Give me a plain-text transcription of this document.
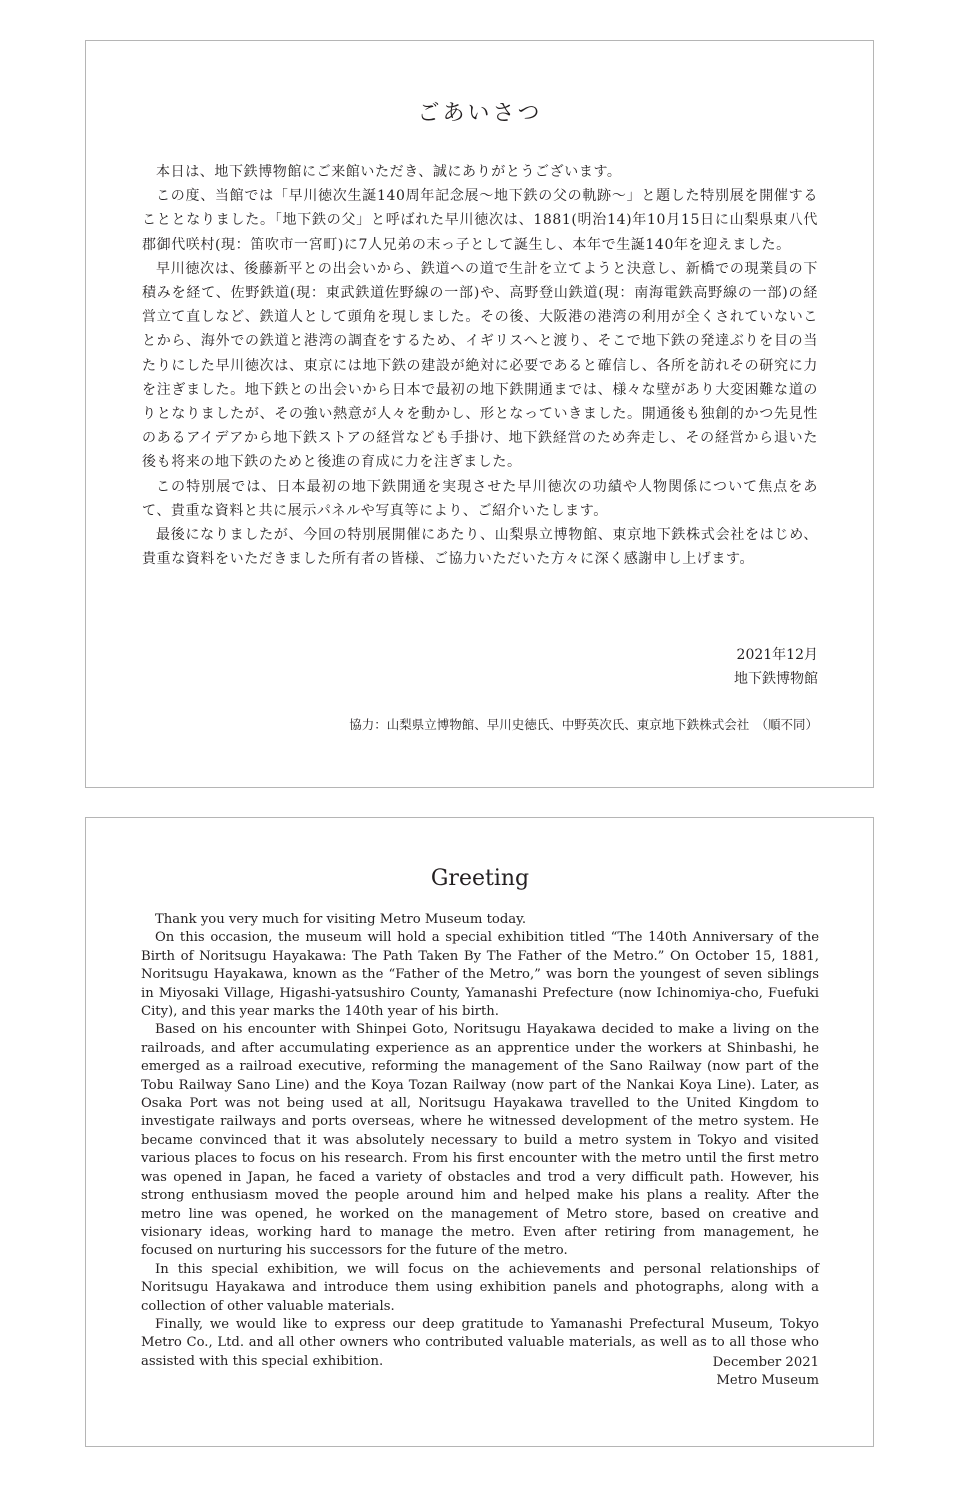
ごあいさつ

本日は、地下鉄博物館にご来館いただき、誠にありがとうございます。

この度、当館では「早川徳次生誕140周年記念展〜地下鉄の父の軌跡〜」と題した特別展を開催することとなりました。「地下鉄の父」と呼ばれた早川徳次は、1881(明治14)年10月15日に山梨県東八代郡御代咲村(現：笛吹市一宮町)に7人兄弟の末っ子として誕生し、本年で生誕140年を迎えました。

早川徳次は、後藤新平との出会いから、鉄道への道で生計を立てようと決意し、新橋での現業員の下積みを経て、佐野鉄道(現：東武鉄道佐野線の一部)や、高野登山鉄道(現：南海電鉄高野線の一部)の経営立て直しなど、鉄道人として頭角を現しました。その後、大阪港の港湾の利用が全くされていないことから、海外での鉄道と港湾の調査をするため、イギリスへと渡り、そこで地下鉄の発達ぶりを目の当たりにした早川徳次は、東京には地下鉄の建設が絶対に必要であると確信し、各所を訪れその研究に力を注ぎました。地下鉄との出会いから日本で最初の地下鉄開通までは、様々な壁があり大変困難な道のりとなりましたが、その強い熱意が人々を動かし、形となっていきました。開通後も独創的かつ先見性のあるアイデアから地下鉄ストアの経営なども手掛け、地下鉄経営のため奔走し、その経営から退いた後も将来の地下鉄のためと後進の育成に力を注ぎました。

この特別展では、日本最初の地下鉄開通を実現させた早川徳次の功績や人物関係について焦点をあて、貴重な資料と共に展示パネルや写真等により、ご紹介いたします。

最後になりましたが、今回の特別展開催にあたり、山梨県立博物館、東京地下鉄株式会社をはじめ、貴重な資料をいただきました所有者の皆様、ご協力いただいた方々に深く感謝申し上げます。

2021年12月
地下鉄博物館
協力：山梨県立博物館、早川史徳氏、中野英次氏、東京地下鉄株式会社　（順不同）
Greeting

Thank you very much for visiting Metro Museum today.

On this occasion, the museum will hold a special exhibition titled “The 140th Anniversary of the Birth of Noritsugu Hayakawa: The Path Taken By The Father of the Metro.” On October 15, 1881, Noritsugu Hayakawa, known as the “Father of the Metro,” was born the youngest of seven siblings in Miyosaki Village, Higashi-yatsushiro County, Yamanashi Prefecture (now Ichinomiya-cho, Fuefuki City), and this year marks the 140th year of his birth.

Based on his encounter with Shinpei Goto, Noritsugu Hayakawa decided to make a living on the railroads, and after accumulating experience as an apprentice under the workers at Shinbashi, he emerged as a railroad executive, reforming the management of the Sano Railway (now part of the Tobu Railway Sano Line) and the Koya Tozan Railway (now part of the Nankai Koya Line). Later, as Osaka Port was not being used at all, Noritsugu Hayakawa travelled to the United Kingdom to investigate railways and ports overseas, where he witnessed development of the metro system. He became convinced that it was absolutely necessary to build a metro system in Tokyo and visited various places to focus on his research. From his first encounter with the metro until the first metro was opened in Japan, he faced a variety of obstacles and trod a very difficult path. However, his strong enthusiasm moved the people around him and helped make his plans a reality. After the metro line was opened, he worked on the management of Metro store, based on creative and visionary ideas, working hard to manage the metro. Even after retiring from management, he focused on nurturing his successors for the future of the metro.

In this special exhibition, we will focus on the achievements and personal relationships of Noritsugu Hayakawa and introduce them using exhibition panels and photographs, along with a collection of other valuable materials.

Finally, we would like to express our deep gratitude to Yamanashi Prefectural Museum, Tokyo Metro Co., Ltd. and all other owners who contributed valuable materials, as well as to all those who assisted with this special exhibition.	December 2021
Metro Museum
